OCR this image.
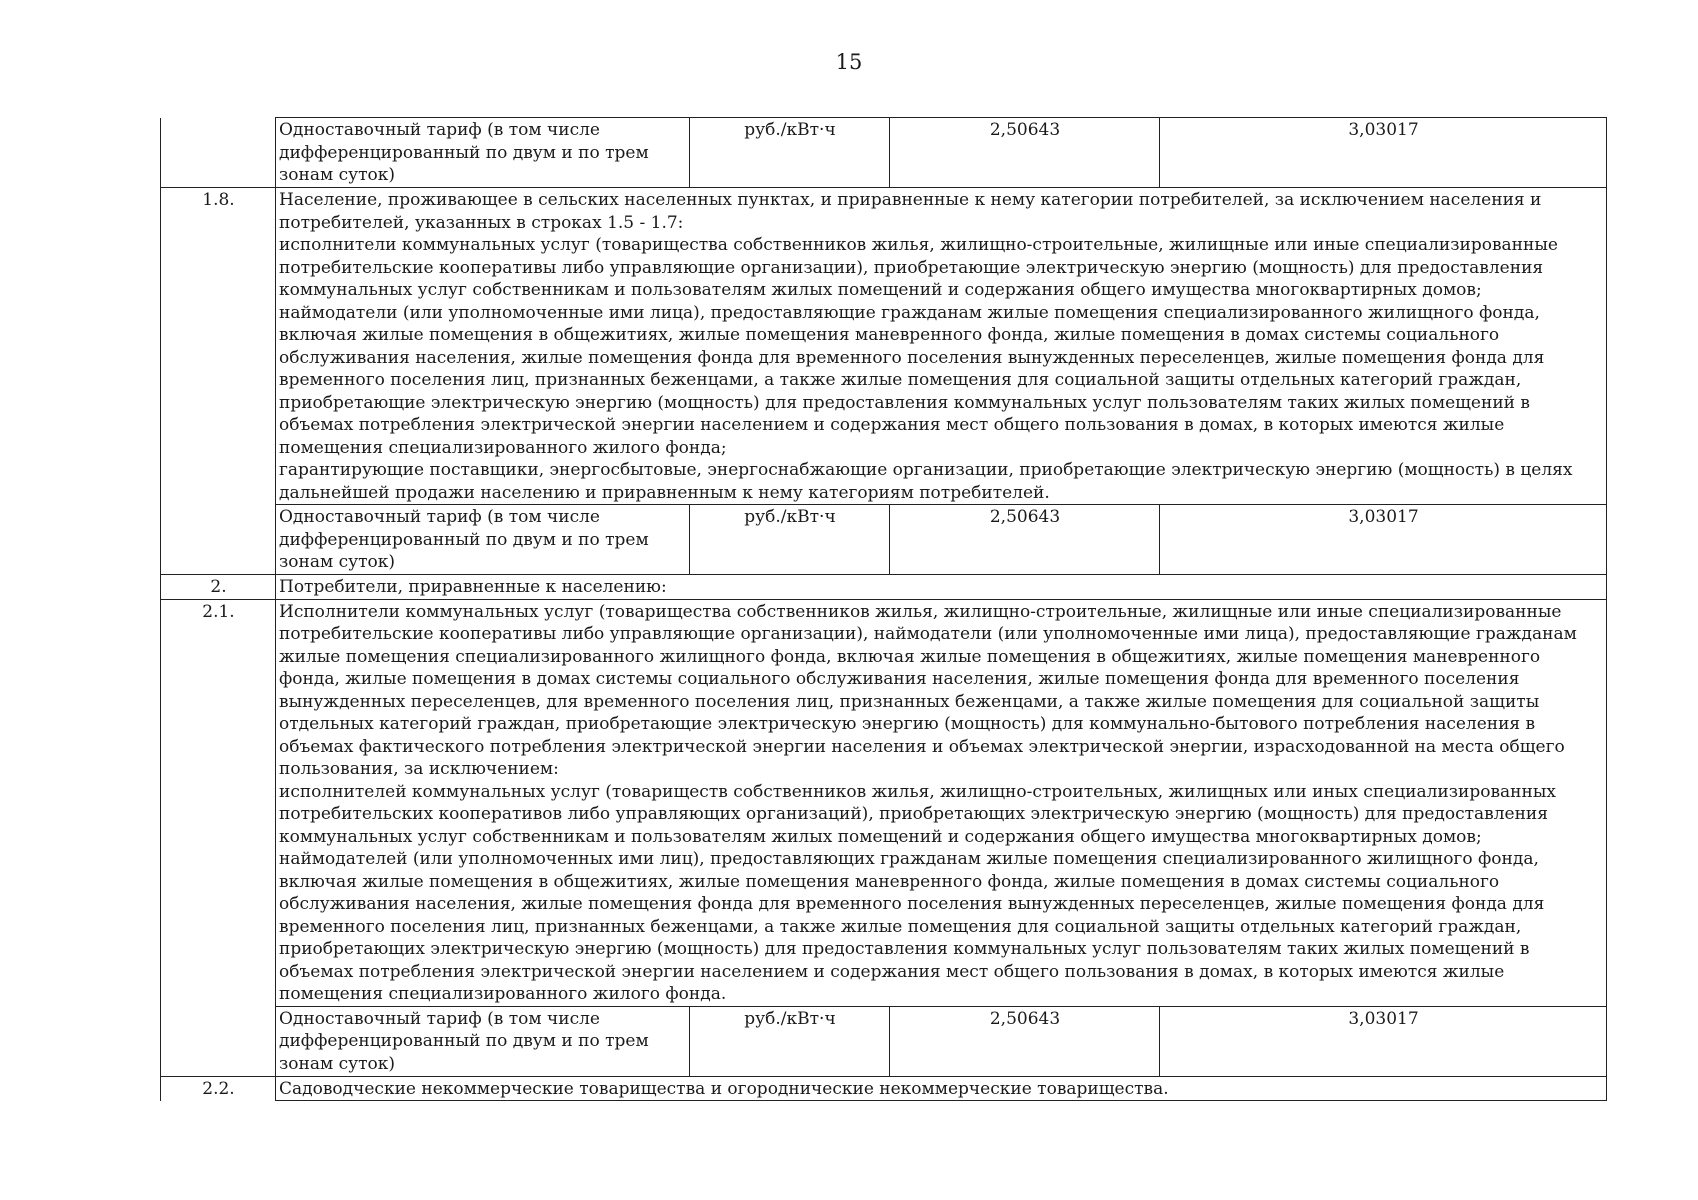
15
	Одноставочный тариф (в том числе дифференцированный по двум и по трем зонам суток)	руб./кВт·ч	2,50643	3,03017
1.8.	Население, проживающее в сельских населенных пунктах, и приравненные к нему категории потребителей, за исключением населения и потребителей, указанных в строках 1.5 - 1.7:
исполнители коммунальных услуг (товарищества собственников жилья, жилищно-строительные, жилищные или иные специализированные потребительские кооперативы либо управляющие организации), приобретающие электрическую энергию (мощность) для предоставления коммунальных услуг собственникам и пользователям жилых помещений и содержания общего имущества многоквартирных домов;
наймодатели (или уполномоченные ими лица), предоставляющие гражданам жилые помещения специализированного жилищного фонда, включая жилые помещения в общежитиях, жилые помещения маневренного фонда, жилые помещения в домах системы социального обслуживания населения, жилые помещения фонда для временного поселения вынужденных переселенцев, жилые помещения фонда для временного поселения лиц, признанных беженцами, а также жилые помещения для социальной защиты отдельных категорий граждан, приобретающие электрическую энергию (мощность) для предоставления коммунальных услуг пользователям таких жилых помещений в объемах потребления электрической энергии населением и содержания мест общего пользования в домах, в которых имеются жилые помещения специализированного жилого фонда;
гарантирующие поставщики, энергосбытовые, энергоснабжающие организации, приобретающие электрическую энергию (мощность) в целях дальнейшей продажи населению и приравненным к нему категориям потребителей.			

	Одноставочный тариф (в том числе дифференцированный по двум и по трем зонам суток)	руб./кВт·ч	2,50643	3,03017
2.	Потребители, приравненные к населению:			
2.1.	Исполнители коммунальных услуг (товарищества собственников жилья, жилищно-строительные, жилищные или иные специализированные потребительские кооперативы либо управляющие организации), наймодатели (или уполномоченные ими лица), предоставляющие гражданам жилые помещения специализированного жилищного фонда, включая жилые помещения в общежитиях, жилые помещения маневренного фонда, жилые помещения в домах системы социального обслуживания населения, жилые помещения фонда для временного поселения вынужденных переселенцев, для временного поселения лиц, признанных беженцами, а также жилые помещения для социальной защиты отдельных категорий граждан, приобретающие электрическую энергию (мощность) для коммунально-бытового потребления населения в объемах фактического потребления электрической энергии населения и объемах электрической энергии, израсходованной на места общего пользования, за исключением:
исполнителей коммунальных услуг (товариществ собственников жилья, жилищно-строительных, жилищных или иных специализированных потребительских кооперативов либо управляющих организаций), приобретающих электрическую энергию (мощность) для предоставления коммунальных услуг собственникам и пользователям жилых помещений и содержания общего имущества многоквартирных домов;
наймодателей (или уполномоченных ими лиц), предоставляющих гражданам жилые помещения специализированного жилищного фонда, включая жилые помещения в общежитиях, жилые помещения маневренного фонда, жилые помещения в домах системы социального обслуживания населения, жилые помещения фонда для временного поселения вынужденных переселенцев, жилые помещения фонда для временного поселения лиц, признанных беженцами, а также жилые помещения для социальной защиты отдельных категорий граждан, приобретающих электрическую энергию (мощность) для предоставления коммунальных услуг пользователям таких жилых помещений в объемах потребления электрической энергии населением и содержания мест общего пользования в домах, в которых имеются жилые помещения специализированного жилого фонда.			

	Одноставочный тариф (в том числе дифференцированный по двум и по трем зонам суток)	руб./кВт·ч	2,50643	3,03017
2.2.	Садоводческие некоммерческие товарищества и огороднические некоммерческие товарищества.			
